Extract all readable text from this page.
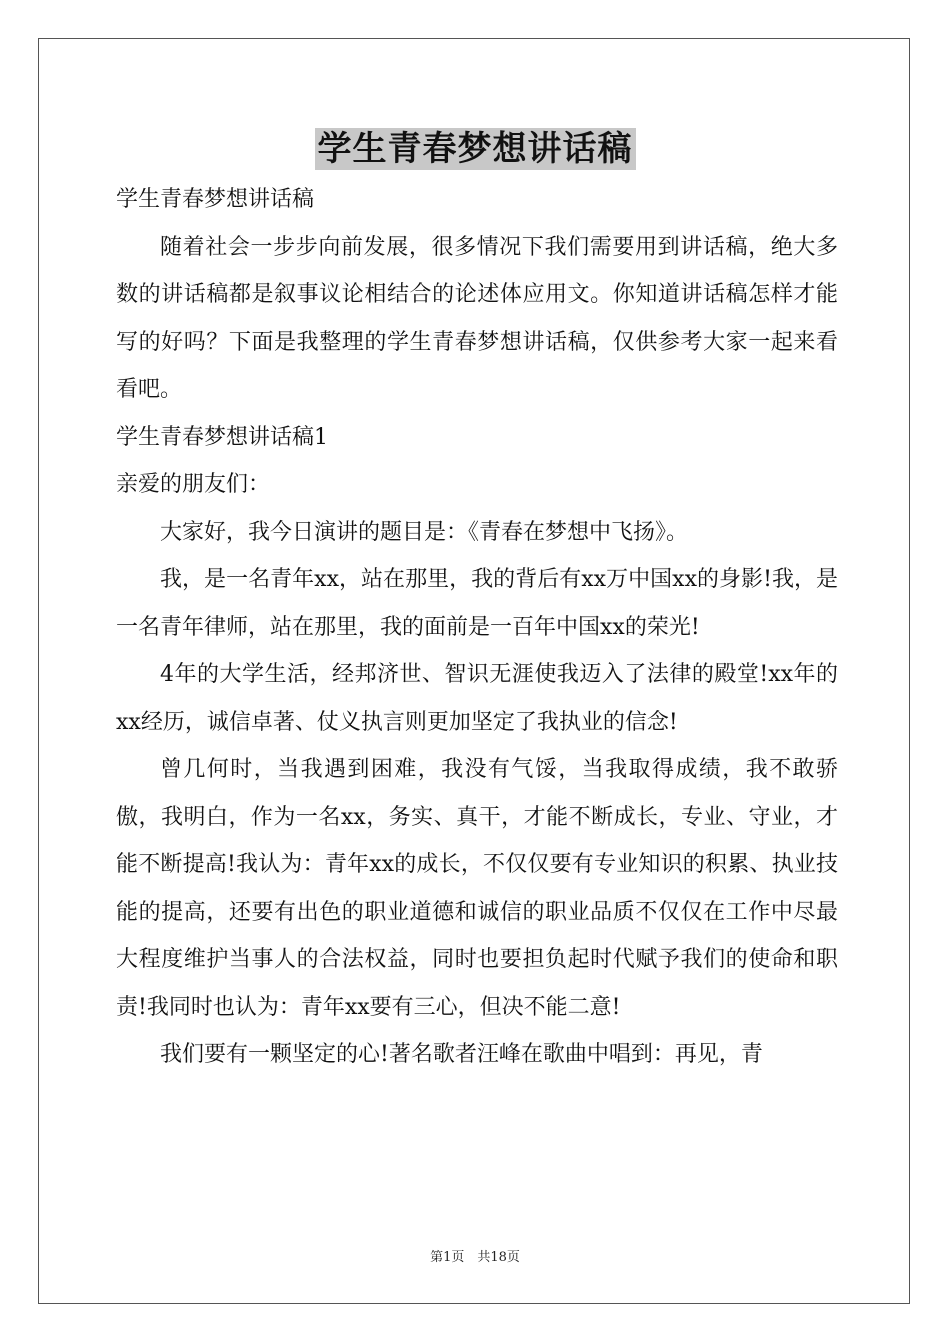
学生青春梦想讲话稿

学生青春梦想讲话稿

随着社会一步步向前发展，很多情况下我们需要用到讲话稿，绝大多数的讲话稿都是叙事议论相结合的论述体应用文。你知道讲话稿怎样才能写的好吗？下面是我整理的学生青春梦想讲话稿，仅供参考大家一起来看看吧。

学生青春梦想讲话稿1

亲爱的朋友们：

大家好，我今日演讲的题目是：《青春在梦想中飞扬》。

我，是一名青年xx，站在那里，我的背后有xx万中国xx的身影!我，是一名青年律师，站在那里，我的面前是一百年中国xx的荣光!

4年的大学生活，经邦济世、智识无涯使我迈入了法律的殿堂!xx年的xx经历，诚信卓著、仗义执言则更加坚定了我执业的信念!

曾几何时，当我遇到困难，我没有气馁，当我取得成绩，我不敢骄傲，我明白，作为一名xx，务实、真干，才能不断成长，专业、守业，才能不断提高!我认为：青年xx的成长，不仅仅要有专业知识的积累、执业技能的提高，还要有出色的职业道德和诚信的职业品质不仅仅在工作中尽最大程度维护当事人的合法权益，同时也要担负起时代赋予我们的使命和职责!我同时也认为：青年xx要有三心，但决不能二意!

我们要有一颗坚定的心!著名歌者汪峰在歌曲中唱到：再见，青

第1页　共18页
